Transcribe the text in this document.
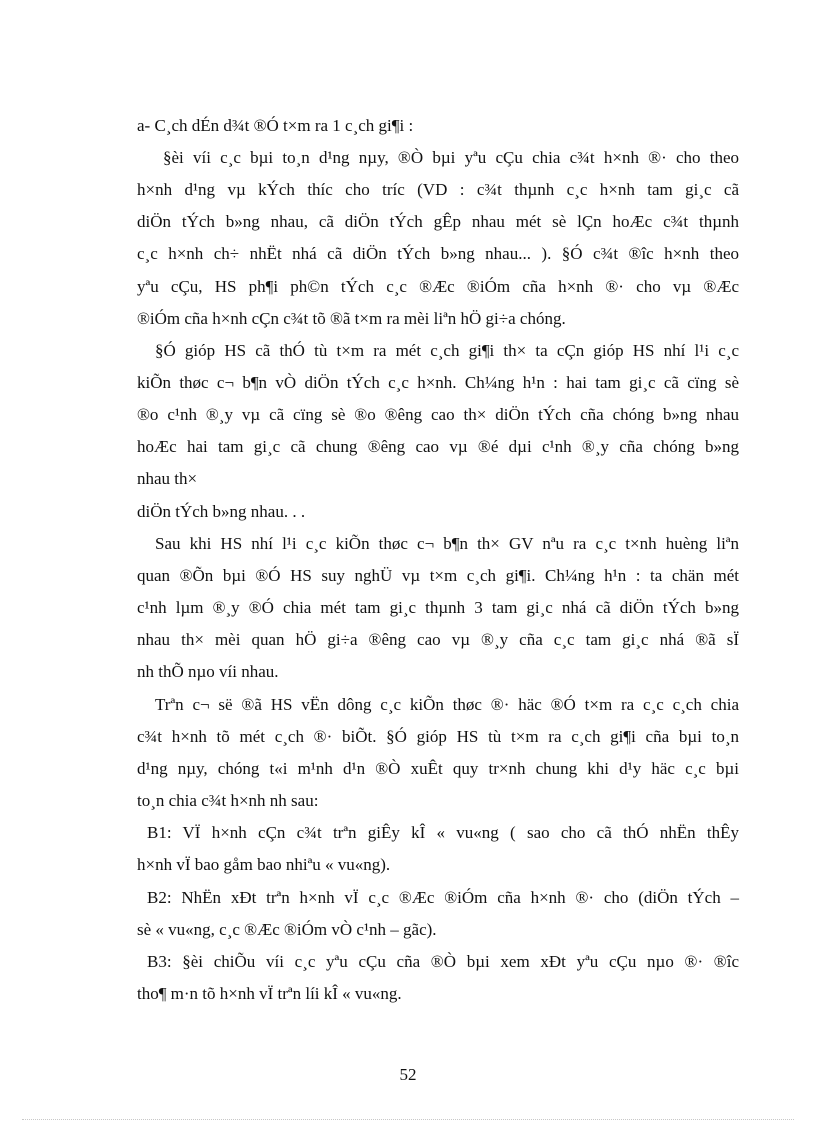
a- C¸ch dÉn d¾t ®Ó t×m ra 1 c¸ch gi¶i :
§èi víi c¸c bµi to¸n d¹ng nµy, ®Ò bµi yªu cÇu chia c¾t h×nh ®· cho theo
h×nh d¹ng vµ kÝch thíc cho tríc (VD : c¾t thµnh c¸c h×nh tam gi¸c cã
diÖn tÝch b»ng nhau, cã diÖn tÝch gÊp nhau mét sè lÇn hoÆc c¾t thµnh
c¸c h×nh ch÷ nhËt nhá cã diÖn tÝch b»ng nhau... ). §Ó c¾t ®îc h×nh theo
yªu cÇu, HS ph¶i ph©n tÝch c¸c ®Æc ®iÓm cña h×nh ®· cho vµ ®Æc
®iÓm cña h×nh cÇn c¾t tõ ®ã t×m ra mèi liªn hÖ gi÷a chóng.
§Ó gióp HS cã thÓ tù t×m ra mét c¸ch gi¶i th× ta cÇn gióp HS nhí l¹i c¸c
kiÕn thøc c¬ b¶n vÒ diÖn tÝch c¸c h×nh. Ch¼ng h¹n : hai tam gi¸c cã cïng sè
®o c¹nh ®¸y vµ cã cïng sè ®o ®êng cao th× diÖn tÝch cña chóng b»ng nhau
hoÆc hai tam gi¸c cã chung ®êng cao vµ ®é dµi c¹nh ®¸y cña chóng b»ng
nhau th×
diÖn tÝch b»ng nhau. . .
Sau khi HS nhí l¹i c¸c kiÕn thøc c¬ b¶n th× GV nªu ra c¸c t×nh huèng liªn
quan ®Õn bµi ®Ó HS suy nghÜ vµ t×m c¸ch gi¶i. Ch¼ng h¹n : ta chän mét
c¹nh lµm ®¸y ®Ó chia mét tam gi¸c thµnh 3 tam gi¸c nhá cã diÖn tÝch b»ng
nhau th× mèi quan hÖ gi÷a ®êng cao vµ ®¸y cña c¸c tam gi¸c nhá ®ã sÏ
nh thÕ nµo víi nhau.
Trªn c¬ së ®ã HS vËn dông c¸c kiÕn thøc ®· häc ®Ó t×m ra c¸c c¸ch chia
c¾t h×nh tõ mét c¸ch ®· biÕt. §Ó gióp HS tù t×m ra c¸ch gi¶i cña bµi to¸n
d¹ng nµy, chóng t«i m¹nh d¹n ®Ò xuÊt quy tr×nh chung khi d¹y häc c¸c bµi
to¸n chia c¾t h×nh nh sau:
B1: VÏ h×nh cÇn c¾t trªn giÊy kÎ « vu«ng ( sao cho cã thÓ nhËn thÊy
h×nh vÏ bao gåm bao nhiªu « vu«ng).
B2: NhËn xÐt trªn h×nh vÏ c¸c ®Æc ®iÓm cña h×nh ®· cho (diÖn tÝch –
sè « vu«ng, c¸c ®Æc ®iÓm vÒ c¹nh – gãc).
B3: §èi chiÕu víi c¸c yªu cÇu cña ®Ò bµi xem xÐt yªu cÇu nµo ®· ®îc
tho¶ m·n tõ h×nh vÏ trªn líi kÎ « vu«ng.
52
